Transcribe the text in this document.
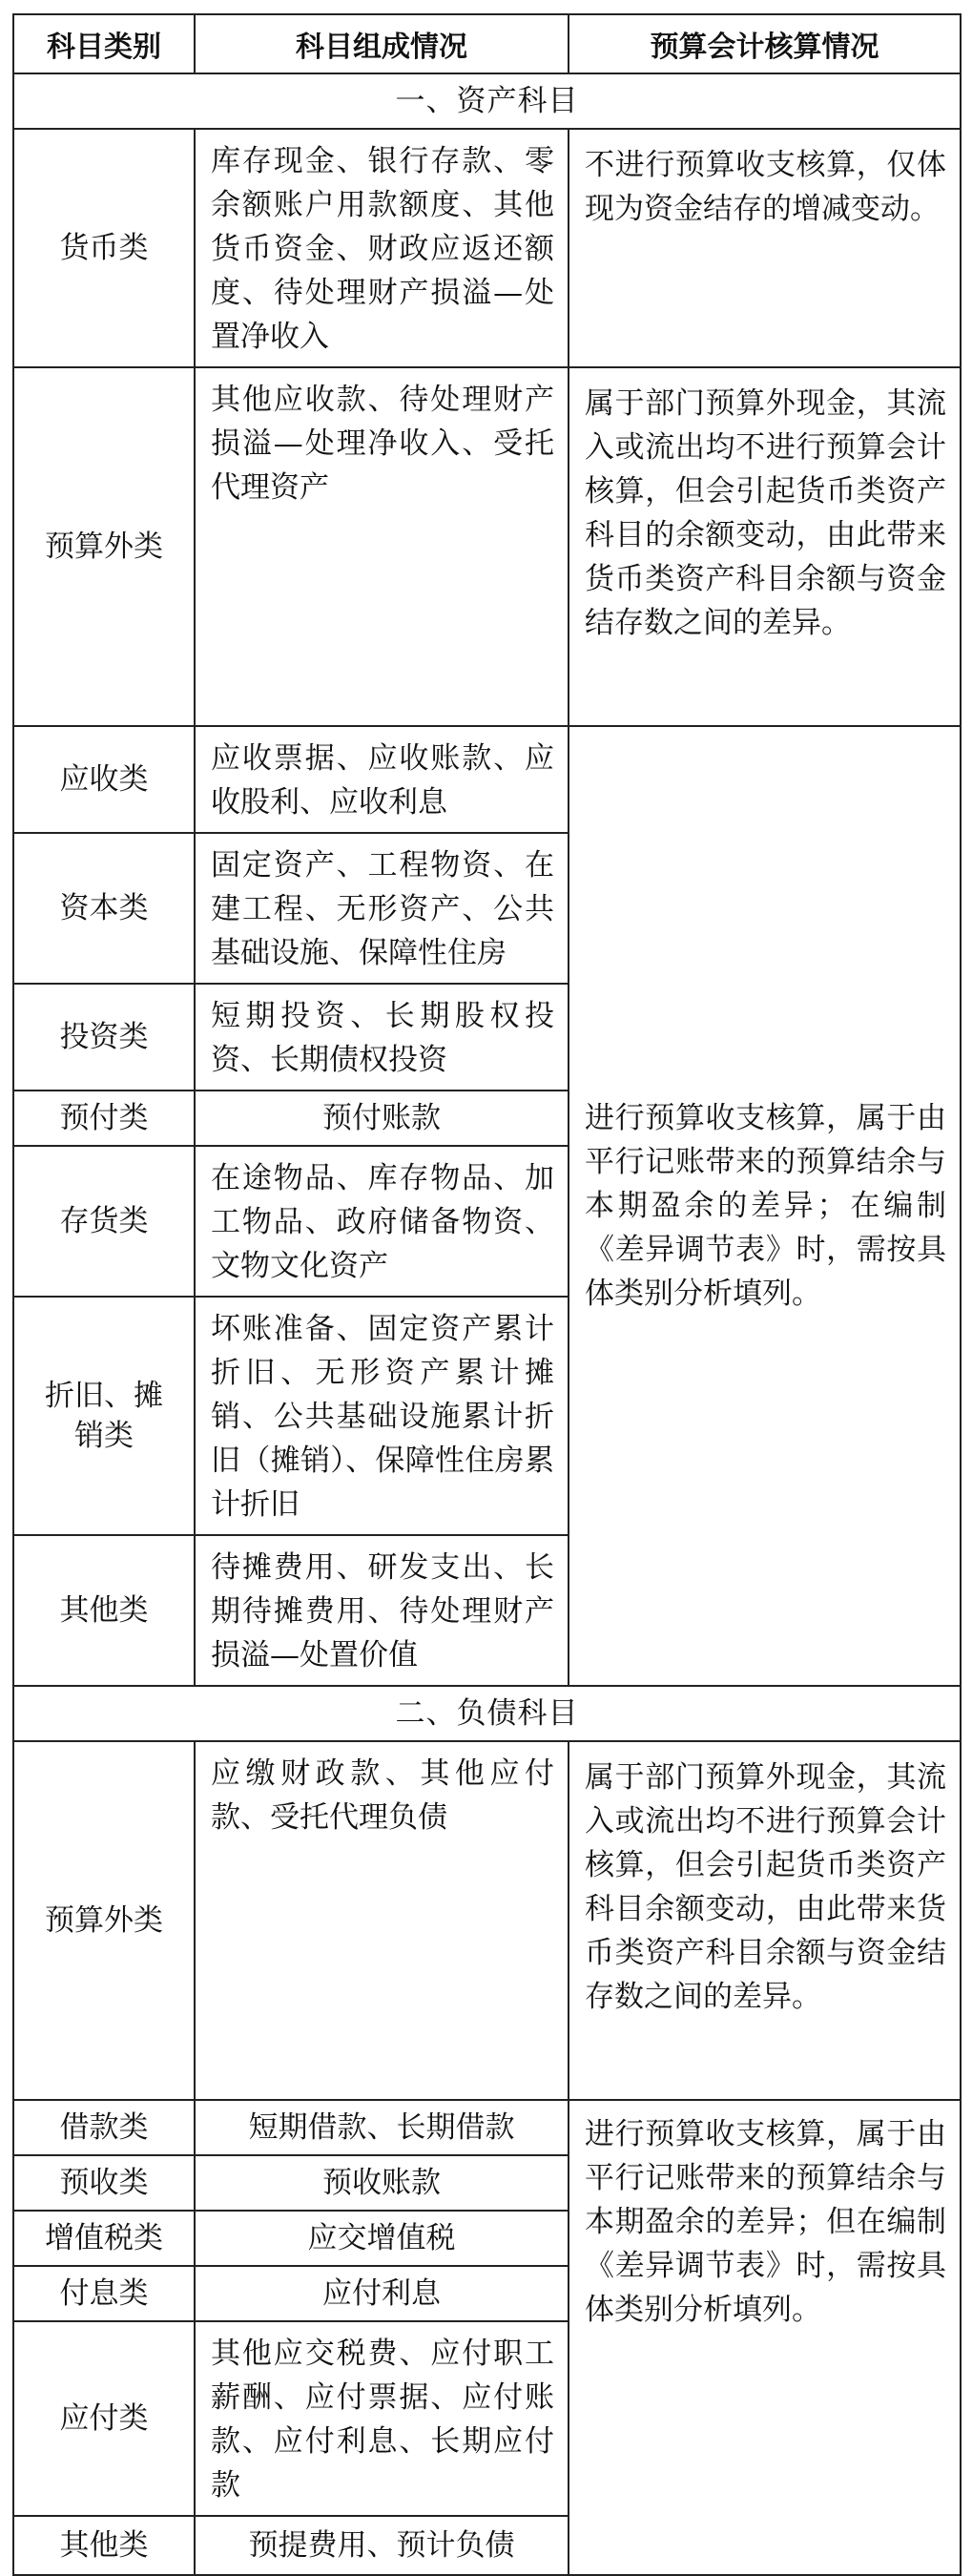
科目类别	科目组成情况	预算会计核算情况
一、资产科目		
货币类	库存现金、银行存款、零余额账户用款额度、其他货币资金、财政应返还额度、待处理财产损溢—处置净收入	不进行预算收支核算，仅体现为资金结存的增减变动。
预算外类	其他应收款、待处理财产损溢—处理净收入、受托代理资产	属于部门预算外现金，其流入或流出均不进行预算会计核算，但会引起货币类资产科目的余额变动，由此带来货币类资产科目余额与资金结存数之间的差异。
应收类	应收票据、应收账款、应收股利、应收利息	进行预算收支核算，属于由平行记账带来的预算结余与本期盈余的差异；在编制《差异调节表》时，需按具体类别分析填列。
资本类	固定资产、工程物资、在建工程、无形资产、公共基础设施、保障性住房	
投资类	短期投资、长期股权投资、长期债权投资	
预付类	预付账款	
存货类	在途物品、库存物品、加工物品、政府储备物资、文物文化资产	
折旧、摊销类	坏账准备、固定资产累计折旧、无形资产累计摊销、公共基础设施累计折旧（摊销）、保障性住房累计折旧	
其他类	待摊费用、研发支出、长期待摊费用、待处理财产损溢—处置价值	
二、负债科目		
预算外类	应缴财政款、其他应付款、受托代理负债	属于部门预算外现金，其流入或流出均不进行预算会计核算，但会引起货币类资产科目余额变动，由此带来货币类资产科目余额与资金结存数之间的差异。
借款类	短期借款、长期借款	进行预算收支核算，属于由平行记账带来的预算结余与本期盈余的差异；但在编制《差异调节表》时，需按具体类别分析填列。
预收类	预收账款	
增值税类	应交增值税	
付息类	应付利息	
应付类	其他应交税费、应付职工薪酬、应付票据、应付账款、应付利息、长期应付款	
其他类	预提费用、预计负债	
